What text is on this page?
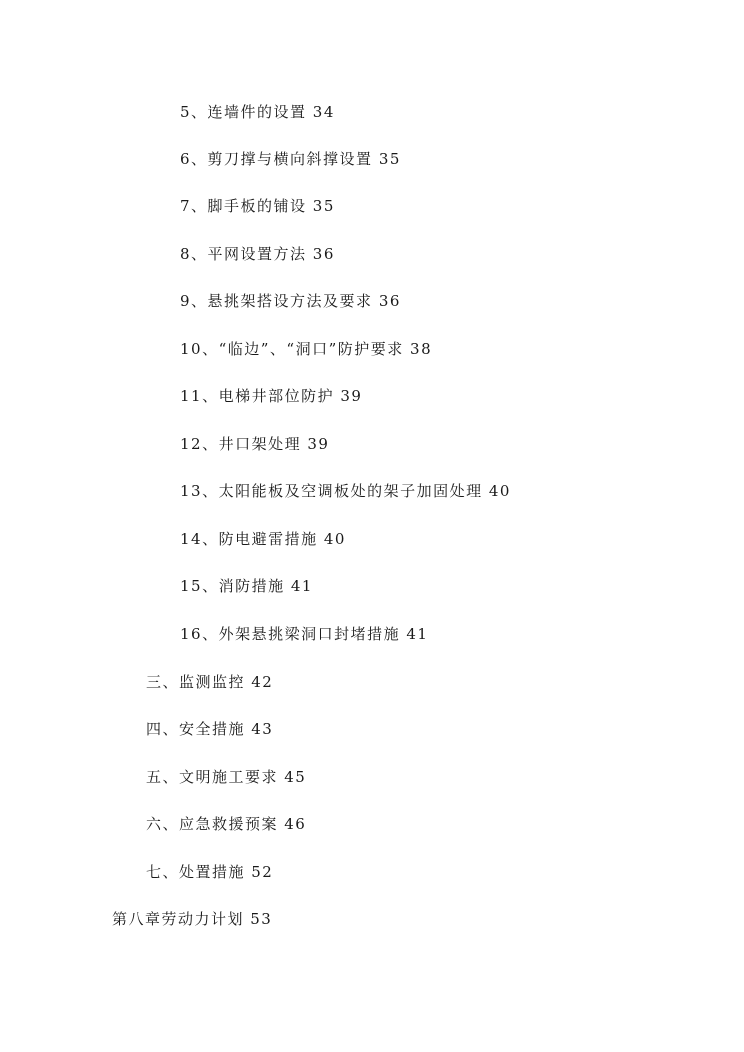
5、连墙件的设置 34
6、剪刀撑与横向斜撑设置 35
7、脚手板的铺设 35
8、平网设置方法 36
9、悬挑架搭设方法及要求 36
10、“临边”、“洞口”防护要求 38
11、电梯井部位防护 39
12、井口架处理 39
13、太阳能板及空调板处的架子加固处理 40
14、防电避雷措施 40
15、消防措施 41
16、外架悬挑梁洞口封堵措施 41
三、监测监控 42
四、安全措施 43
五、文明施工要求 45
六、应急救援预案 46
七、处置措施 52
第八章劳动力计划 53
